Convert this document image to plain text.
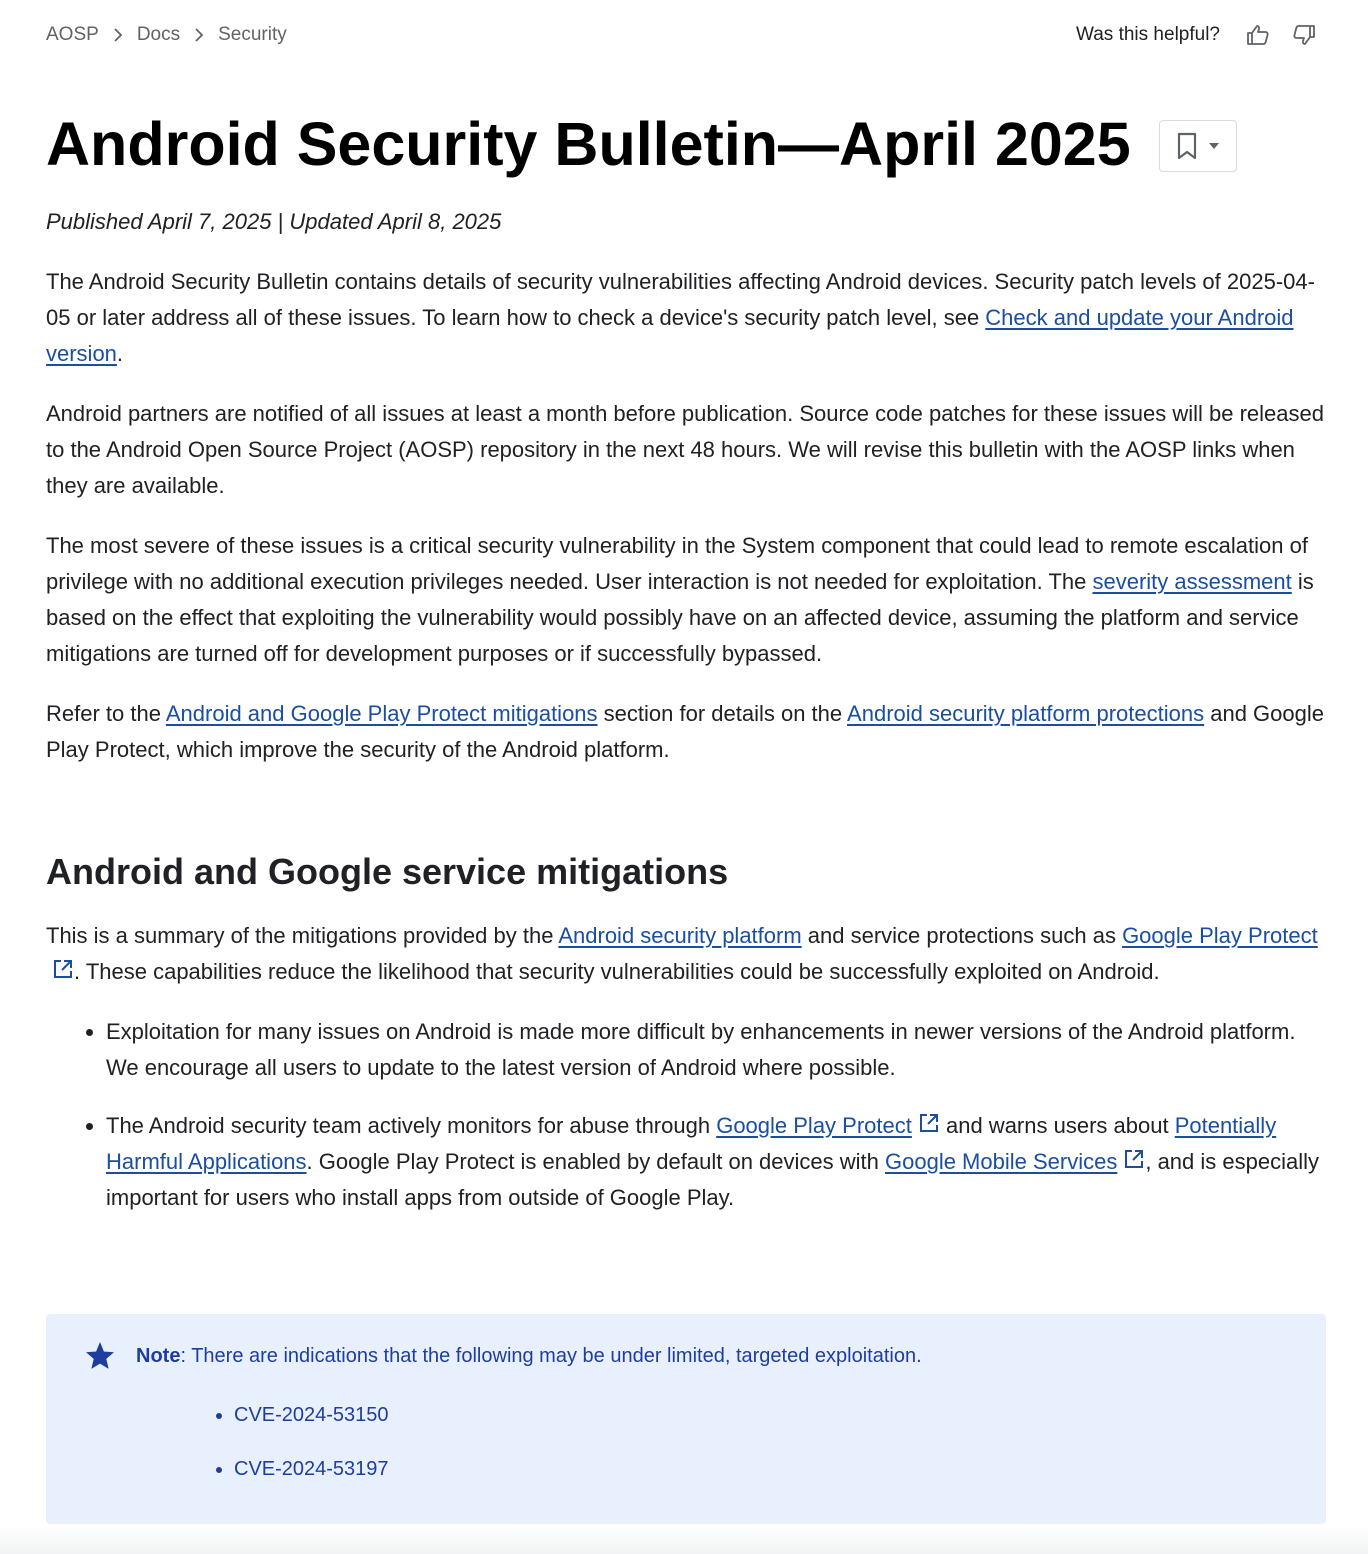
AOSP Docs Security	Was this helpful?
Android Security Bulletin—April 2025
Published April 7, 2025 | Updated April 8, 2025

The Android Security Bulletin contains details of security vulnerabilities affecting Android devices. Security patch levels of 2025-04-05 or later address all of these issues. To learn how to check a device's security patch level, see Check and update your Android version.

Android partners are notified of all issues at least a month before publication. Source code patches for these issues will be released to the Android Open Source Project (AOSP) repository in the next 48 hours. We will revise this bulletin with the AOSP links when they are available.

The most severe of these issues is a critical security vulnerability in the System component that could lead to remote escalation of privilege with no additional execution privileges needed. User interaction is not needed for exploitation. The severity assessment is based on the effect that exploiting the vulnerability would possibly have on an affected device, assuming the platform and service mitigations are turned off for development purposes or if successfully bypassed.

Refer to the Android and Google Play Protect mitigations section for details on the Android security platform protections and Google Play Protect, which improve the security of the Android platform.

Android and Google service mitigations

This is a summary of the mitigations provided by the Android security platform and service protections such as Google Play Protect. These capabilities reduce the likelihood that security vulnerabilities could be successfully exploited on Android.

• Exploitation for many issues on Android is made more difficult by enhancements in newer versions of the Android platform. We encourage all users to update to the latest version of Android where possible.
• The Android security team actively monitors for abuse through Google Play Protect and warns users about Potentially Harmful Applications. Google Play Protect is enabled by default on devices with Google Mobile Services , and is especially important for users who install apps from outside of Google Play.
Note : There are indications that the following may be under limited, targeted exploitation.
• CVE-2024-53150
• CVE-2024-53197
